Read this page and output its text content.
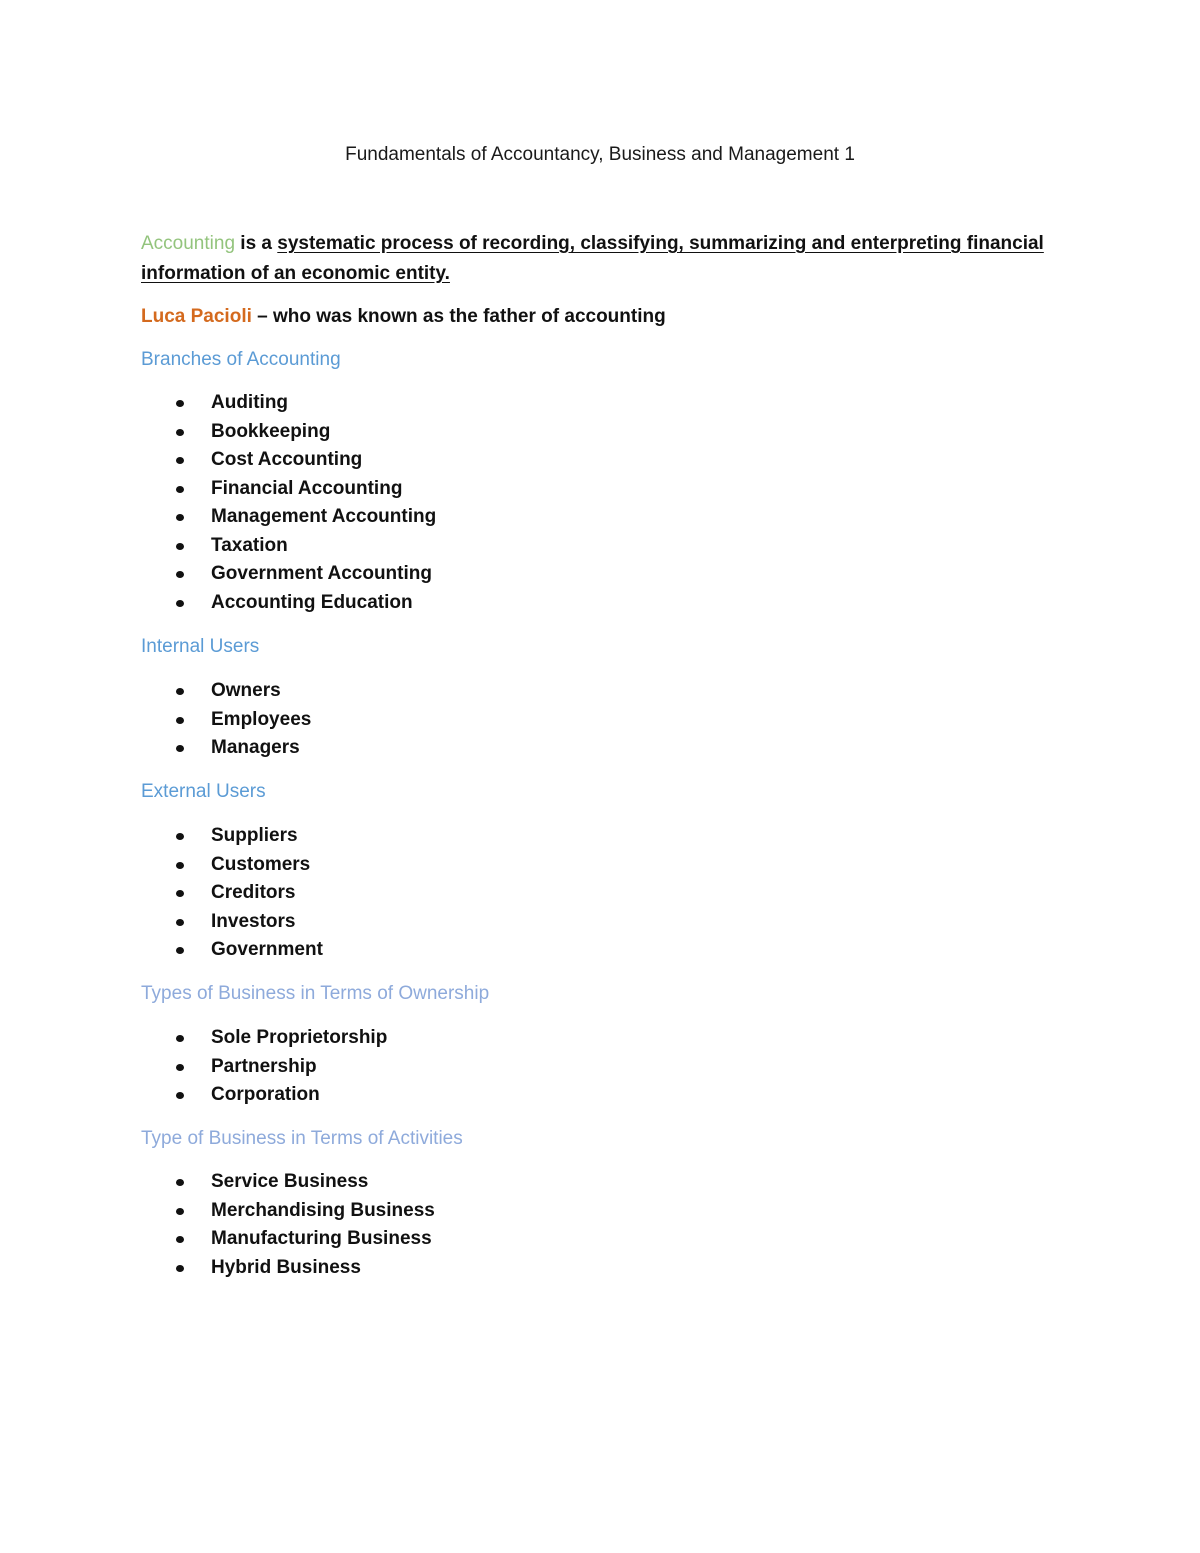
Fundamentals of Accountancy, Business and Management 1
Accounting is a systematic process of recording, classifying, summarizing and enterpreting financial information of an economic entity.
Luca Pacioli – who was known as the father of accounting
Branches of Accounting
Auditing
Bookkeeping
Cost Accounting
Financial Accounting
Management Accounting
Taxation
Government Accounting
Accounting Education
Internal Users
Owners
Employees
Managers
External Users
Suppliers
Customers
Creditors
Investors
Government
Types of Business in Terms of Ownership
Sole Proprietorship
Partnership
Corporation
Type of Business in Terms of Activities
Service Business
Merchandising Business
Manufacturing Business
Hybrid Business
